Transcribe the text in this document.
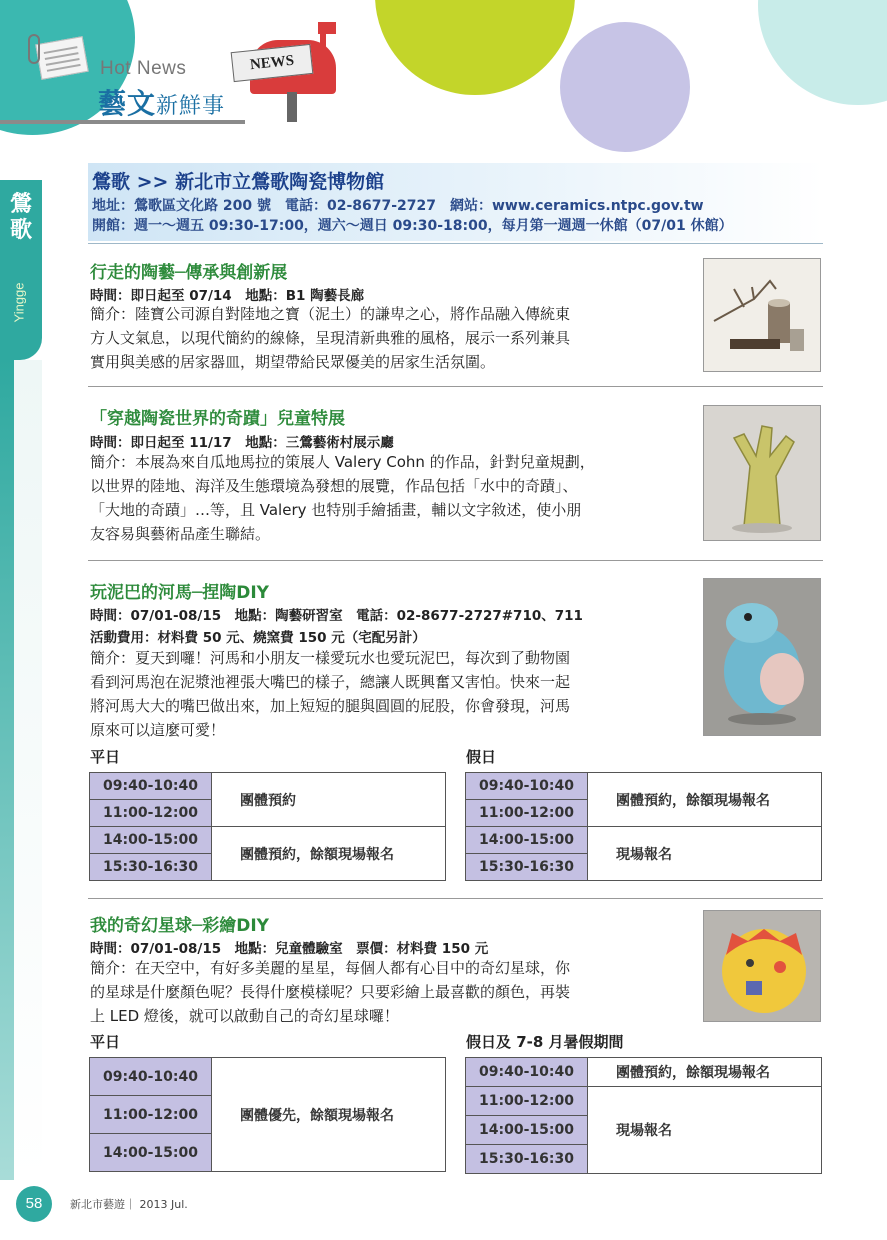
Hot News
藝文新鮮事
NEWS
鶯歌
Yingge
鶯歌 >> 新北市立鶯歌陶瓷博物館
地址：鶯歌區文化路 200 號　電話：02-8677-2727　網站：www.ceramics.ntpc.gov.tw
開館：週一～週五 09:30-17:00，週六～週日 09:30-18:00，每月第一週週一休館（07/01 休館）
行走的陶藝─傳承與創新展
時間：即日起至 07/14　地點：B1 陶藝長廊
簡介：陸寶公司源自對陸地之寶（泥土）的謙卑之心，將作品融入傳統東
方人文氣息，以現代簡約的線條，呈現清新典雅的風格，展示一系列兼具
實用與美感的居家器皿，期望帶給民眾優美的居家生活氛圍。
「穿越陶瓷世界的奇蹟」兒童特展
時間：即日起至 11/17　地點：三鶯藝術村展示廳
簡介：本展為來自瓜地馬拉的策展人 Valery Cohn 的作品，針對兒童規劃，
以世界的陸地、海洋及生態環境為發想的展覽，作品包括「水中的奇蹟」、
「大地的奇蹟」…等，且 Valery 也特別手繪插畫，輔以文字敘述，使小朋
友容易與藝術品產生聯結。
玩泥巴的河馬─捏陶DIY
時間：07/01-08/15　地點：陶藝研習室　電話：02-8677-2727#710、711
活動費用：材料費 50 元、燒窯費 150 元（宅配另計）
簡介：夏天到囉！河馬和小朋友一樣愛玩水也愛玩泥巴，每次到了動物園
看到河馬泡在泥漿池裡張大嘴巴的樣子，總讓人既興奮又害怕。快來一起
將河馬大大的嘴巴做出來，加上短短的腿與圓圓的屁股，你會發現，河馬
原來可以這麼可愛！
平日
09:40-10:40	團體預約
11:00-12:00	
14:00-15:00	團體預約，餘額現場報名
15:30-16:30	
假日
09:40-10:40	團體預約，餘額現場報名
11:00-12:00	
14:00-15:00	現場報名
15:30-16:30	
我的奇幻星球─彩繪DIY
時間：07/01-08/15　地點：兒童體驗室　票價：材料費 150 元
簡介：在天空中，有好多美麗的星星，每個人都有心目中的奇幻星球，你
的星球是什麼顏色呢？長得什麼模樣呢？只要彩繪上最喜歡的顏色，再裝
上 LED 燈後，就可以啟動自己的奇幻星球囉！
平日
09:40-10:40	團體優先，餘額現場報名
11:00-12:00
14:00-15:00
假日及 7-8 月暑假期間
09:40-10:40	團體預約，餘額現場報名
11:00-12:00	現場報名
14:00-15:00	
15:30-16:30	
58	新北市藝遊｜ 2013 Jul.
